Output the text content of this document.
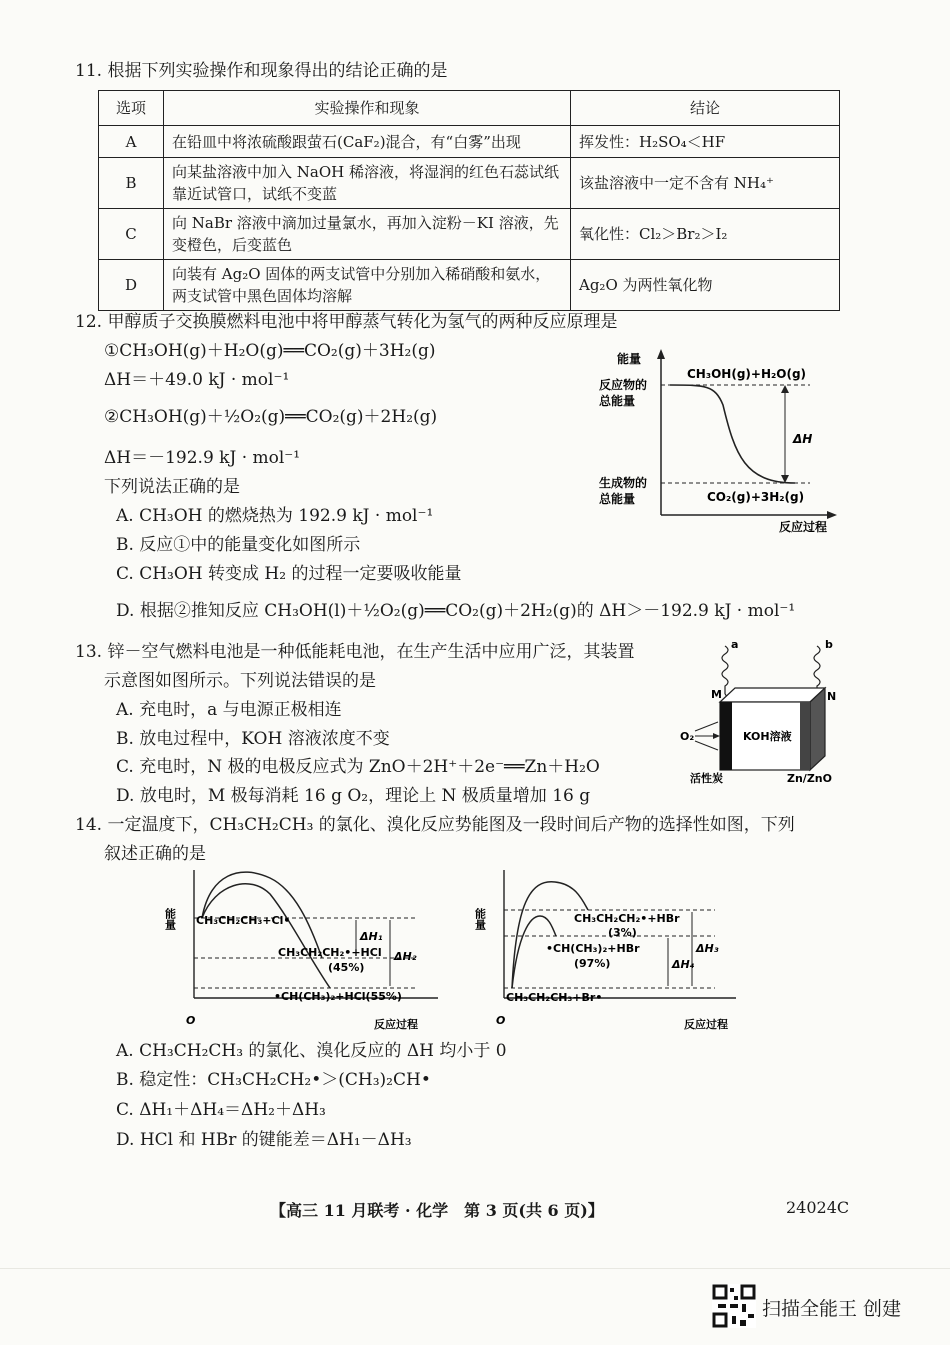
11. 根据下列实验操作和现象得出的结论正确的是
选项	实验操作和现象	结论
A	在铅皿中将浓硫酸跟萤石(CaF₂)混合，有“白雾”出现	挥发性：H₂SO₄＜HF
B	向某盐溶液中加入 NaOH 稀溶液，将湿润的红色石蕊试纸靠近试管口，试纸不变蓝	该盐溶液中一定不含有 NH₄⁺
C	向 NaBr 溶液中滴加过量氯水，再加入淀粉－KI 溶液，先变橙色，后变蓝色	氧化性：Cl₂＞Br₂＞I₂
D	向装有 Ag₂O 固体的两支试管中分别加入稀硝酸和氨水，两支试管中黑色固体均溶解	Ag₂O 为两性氧化物
12. 甲醇质子交换膜燃料电池中将甲醇蒸气转化为氢气的两种反应原理是
①CH₃OH(g)＋H₂O(g)══CO₂(g)＋3H₂(g)
ΔH＝＋49.0 kJ · mol⁻¹
②CH₃OH(g)＋½O₂(g)══CO₂(g)＋2H₂(g)
ΔH＝－192.9 kJ · mol⁻¹
下列说法正确的是
A. CH₃OH 的燃烧热为 192.9 kJ · mol⁻¹
B. 反应①中的能量变化如图所示
C. CH₃OH 转变成 H₂ 的过程一定要吸收能量
D. 根据②推知反应 CH₃OH(l)＋½O₂(g)══CO₂(g)＋2H₂(g)的 ΔH＞－192.9 kJ · mol⁻¹
能量
反应物的
总能量
生成物的
总能量
CH₃OH(g)+H₂O(g)
CO₂(g)+3H₂(g)
ΔH
反应过程
13. 锌－空气燃料电池是一种低能耗电池，在生产生活中应用广泛，其装置
示意图如图所示。下列说法错误的是
A. 充电时，a 与电源正极相连
B. 放电过程中，KOH 溶液浓度不变
C. 充电时，N 极的电极反应式为 ZnO＋2H⁺＋2e⁻══Zn＋H₂O
D. 放电时，M 极每消耗 16 g O₂，理论上 N 极质量增加 16 g
a	b
M	N
O₂	KOH溶液
活性炭	Zn/ZnO
14. 一定温度下，CH₃CH₂CH₃ 的氯化、溴化反应势能图及一段时间后产物的选择性如图，下列
叙述正确的是
能量 CH₃CH₂CH₃+Cl•
CH₃CH₂CH₂•+HCl
(45%)
•CH(CH₃)₂+HCl(55%)
ΔH₁
ΔH₂
O	反应过程
能量	CH₃CH₂CH₂•+HBr
(3%)
•CH(CH₃)₂+HBr
(97%)
CH₃CH₂CH₃+Br•
ΔH₄
ΔH₃
O	反应过程
A. CH₃CH₂CH₃ 的氯化、溴化反应的 ΔH 均小于 0
B. 稳定性：CH₃CH₂CH₂•＞(CH₃)₂CH•
C. ΔH₁＋ΔH₄＝ΔH₂＋ΔH₃
D. HCl 和 HBr 的键能差＝ΔH₁－ΔH₃
【高三 11 月联考 · 化学　第 3 页(共 6 页)】	24024C
扫描全能王 创建
